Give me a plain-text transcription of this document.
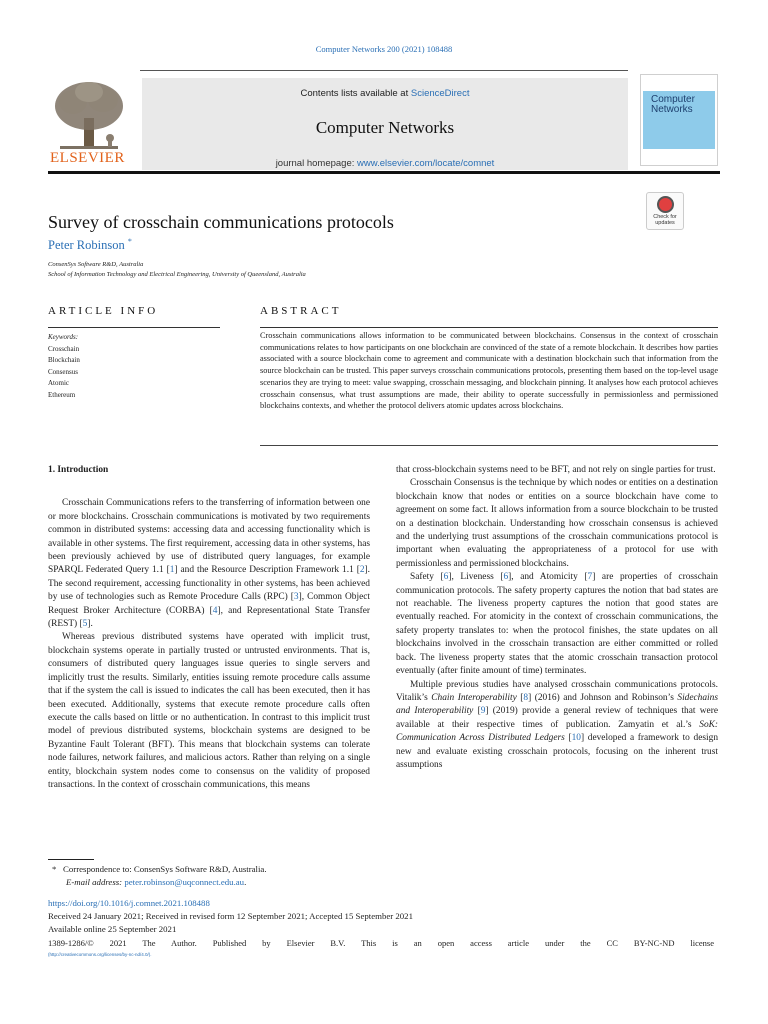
Computer Networks 200 (2021) 108488
ELSEVIER
Contents lists available at ScienceDirect
Computer Networks
journal homepage: www.elsevier.com/locate/comnet
Computer Networks
Check for updates
Survey of crosschain communications protocols
Peter Robinson *
ConsenSys Software R&D, Australia
School of Information Technology and Electrical Engineering, University of Queensland, Australia
ARTICLE INFO
Keywords:
Crosschain
Blockchain
Consensus
Atomic
Ethereum
ABSTRACT
Crosschain communications allows information to be communicated between blockchains. Consensus in the context of crosschain communications relates to how participants on one blockchain are convinced of the state of a remote blockchain. It describes how parties associated with a source blockchain come to agreement and communicate with a destination blockchain such that information from the source blockchain can be trusted. This paper surveys crosschain communications protocols, presenting them based on the top-level usage scenarios they are trying to meet: value swapping, crosschain messaging, and blockchain pinning. It analyses how each protocol achieves crosschain consensus, what trust assumptions are made, their ability to operate successfully in permissionless and permissioned blockchains contexts, and whether the protocol delivers atomic updates across blockchains.

1. Introduction

Crosschain Communications refers to the transferring of information between one or more blockchains. Crosschain communications is motivated by two requirements common in distributed systems: accessing data and accessing functionality which is available in other systems. The first requirement, accessing data in other systems, has been previously achieved by use of distributed query languages, for example SPARQL Federated Query 1.1 [1] and the Resource Description Framework 1.1 [2]. The second requirement, accessing functionality in other systems, has been achieved by use of technologies such as Remote Procedure Calls (RPC) [3], Common Object Request Broker Architecture (CORBA) [4], and Representational State Transfer (REST) [5].

Whereas previous distributed systems have operated with implicit trust, blockchain systems operate in partially trusted or untrusted environments. That is, consumers of distributed query languages issue queries to single servers and implicitly trust the results. Similarly, entities issuing remote procedure calls assume that if the system the call is issued to indicates the call has been executed, then it has been executed. Additionally, systems that execute remote procedure calls often execute the calls based on little or no authentication. In contrast to this implicit trust model of previous distributed systems, blockchain systems are designed to be Byzantine Fault Tolerant (BFT). This means that blockchain systems can tolerate node failures, network failures, and malicious actors. Rather than relying on a single entity, blockchain system nodes come to consensus on the validity of proposed transactions. In the context of crosschain communications, this means

that cross-blockchain systems need to be BFT, and not rely on single parties for trust.

Crosschain Consensus is the technique by which nodes or entities on a destination blockchain know that nodes or entities on a source blockchain have come to agreement on some fact. It allows information from a source blockchain to be trusted on a destination blockchain. Understanding how crosschain consensus is achieved and the underlying trust assumptions of the crosschain communications protocol is important when evaluating the appropriateness of a protocol for use with permissionless and permissioned blockchains.

Safety [6], Liveness [6], and Atomicity [7] are properties of crosschain communication protocols. The safety property captures the notion that bad states are not reachable. The liveness property captures the notion that good states are eventually reached. For atomicity in the context of crosschain communications, the safety property translates to: when the protocol finishes, the state updates on all blockchains involved in the crosschain transaction are either committed or rolled back. The liveness property states that the atomic crosschain transaction protocol eventually (after finite amount of time) terminates.

Multiple previous studies have analysed crosschain communications protocols. Vitalik’s Chain Interoperability [8] (2016) and Johnson and Robinson’s Sidechains and Interoperability [9] (2019) provide a general review of techniques that were available at their respective times of publication. Zamyatin et al.’s SoK: Communication Across Distributed Ledgers [10] developed a framework to design new and evaluate existing crosschain protocols, focusing on the inherent trust assumptions

* Correspondence to: ConsenSys Software R&D, Australia.
E-mail address: peter.robinson@uqconnect.edu.au.
https://doi.org/10.1016/j.comnet.2021.108488
Received 24 January 2021; Received in revised form 12 September 2021; Accepted 15 September 2021
Available online 25 September 2021
1389-1286/© 2021 The Author. Published by Elsevier B.V. This is an open access article under the CC BY-NC-ND license
(http://creativecommons.org/licenses/by-nc-nd/4.0/).
